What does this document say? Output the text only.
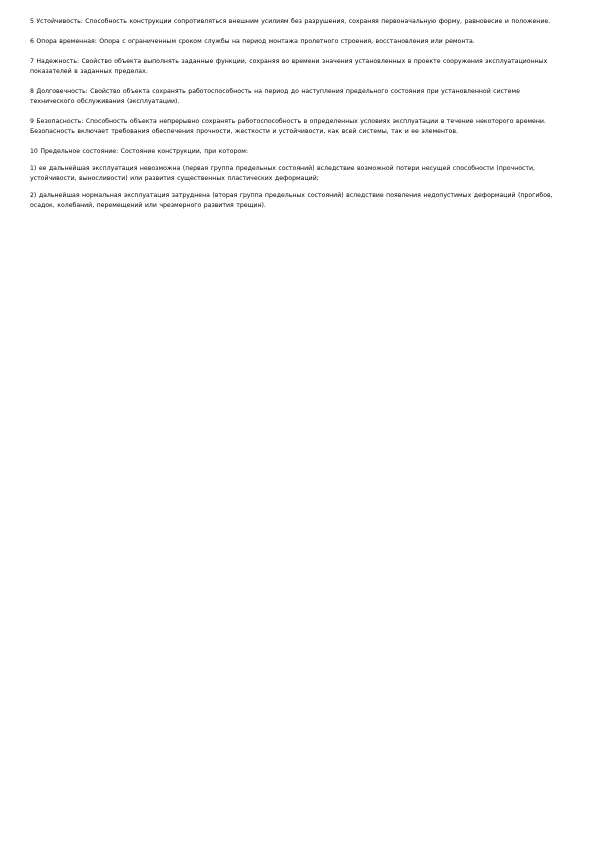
5 Устойчивость: Способность конструкции сопротивляться внешним усилиям без разрушения, сохраняя первоначальную форму, равновесие и положение.

6 Опора временная: Опора с ограниченным сроком службы на период монтажа пролетного строения, восстановления или ремонта.

7 Надежность: Свойство объекта выполнять заданные функции, сохраняя во времени значения установленных в проекте сооружения эксплуатационных показателей в заданных пределах.

8 Долговечность: Свойство объекта сохранять работоспособность на период до наступления предельного состояния при установленной системе технического обслуживания (эксплуатации).

9 Безопасность: Способность объекта непрерывно сохранять работоспособность в определенных условиях эксплуатации в течение некоторого времени. Безопасность включает требования обеспечения прочности, жесткости и устойчивости, как всей системы, так и ее элементов.

10 Предельное состояние: Состояние конструкции, при котором:

1) ее дальнейшая эксплуатация невозможна (первая группа предельных состояний) вследствие возможной потери несущей способности (прочности, устойчивости, выносливости) или развития существенных пластических деформаций;

2) дальнейшая нормальная эксплуатация затруднена (вторая группа предельных состояний) вследствие появления недопустимых деформаций (прогибов, осадок, колебаний, перемещений или чрезмерного развития трещин).
